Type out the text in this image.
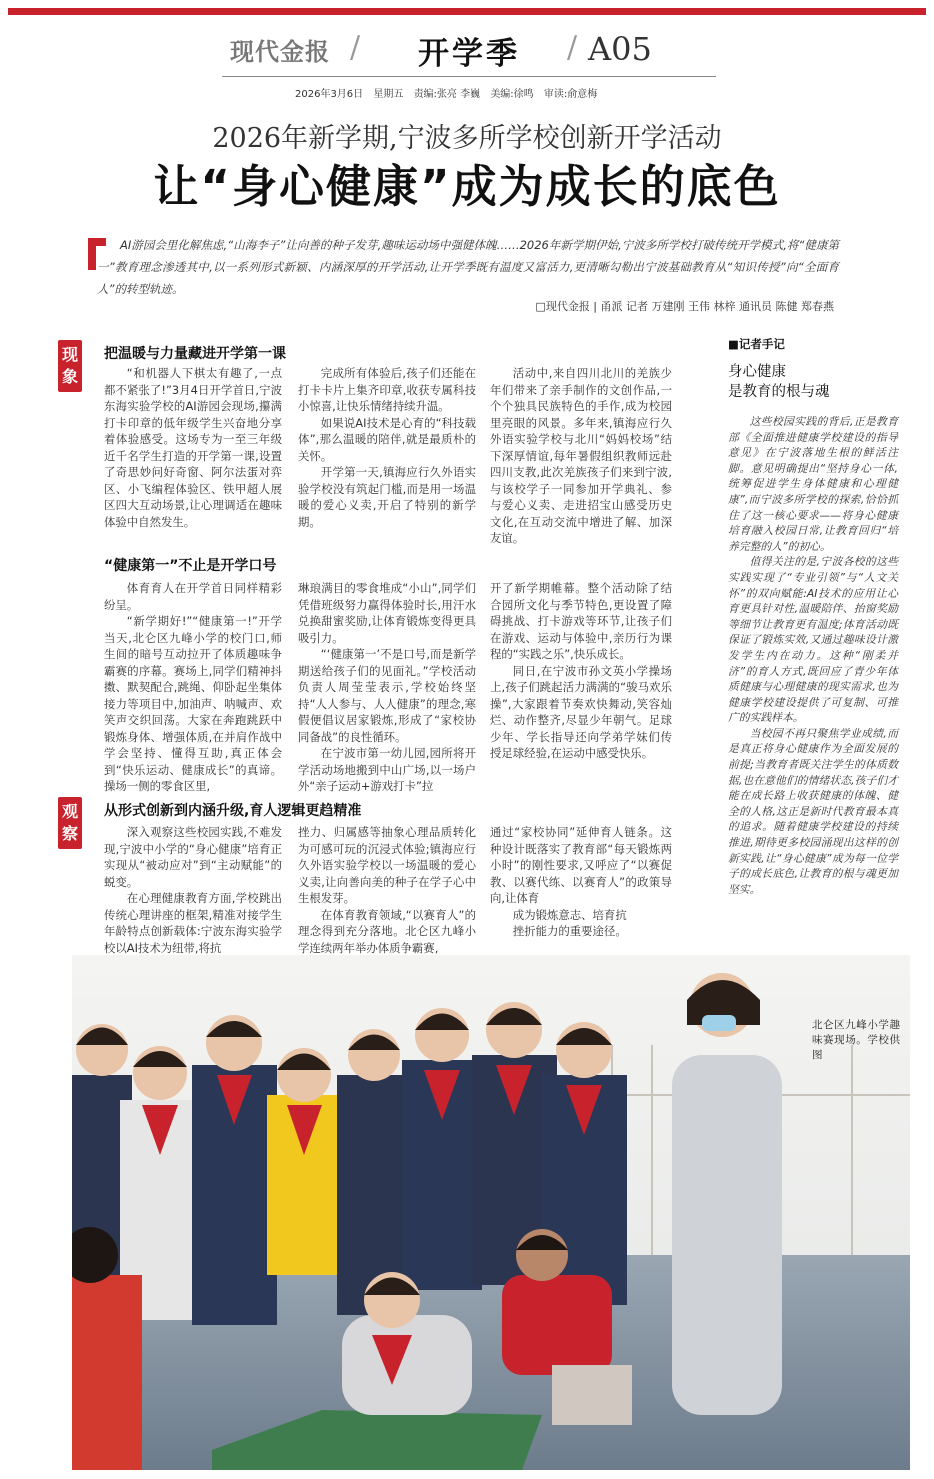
现代金报 / 开学季 / A05
2026年3月6日 星期五 责编:张亮 李巍 美编:徐鸣 审读:俞意梅
2026年新学期,宁波多所学校创新开学活动
让“身心健康”成为成长的底色
AI游园会里化解焦虑,“山海李子”让向善的种子发芽,趣味运动场中强健体魄……2026年新学期伊始,宁波多所学校打破传统开学模式,将“健康第一”教育理念渗透其中,以一系列形式新颖、内涵深厚的开学活动,让开学季既有温度又富活力,更清晰勾勒出宁波基础教育从“知识传授”向“全面育人”的转型轨迹。
□现代金报 | 甬派 记者 万建刚 王伟 林梓 通讯员 陈健 郑春燕
现象
观察
把温暖与力量藏进开学第一课

“和机器人下棋太有趣了,一点都不紧张了!”3月4日开学首日,宁波东海实验学校的AI游园会现场,攥满打卡印章的低年级学生兴奋地分享着体验感受。这场专为一至三年级近千名学生打造的开学第一课,设置了奇思妙问好奇窗、阿尔法蛋对弈区、小飞编程体验区、铁甲超人展区四大互动场景,让心理调适在趣味体验中自然发生。

完成所有体验后,孩子们还能在打卡卡片上集齐印章,收获专属科技小惊喜,让快乐情绪持续升温。

如果说AI技术是心育的“科技载体”,那么温暖的陪伴,就是最质朴的关怀。

开学第一天,镇海应行久外语实验学校没有筑起门槛,而是用一场温暖的爱心义卖,开启了特别的新学期。

活动中,来自四川北川的羌族少年们带来了亲手制作的文创作品,一个个独具民族特色的手作,成为校园里亮眼的风景。多年来,镇海应行久外语实验学校与北川“妈妈校场”结下深厚情谊,每年暑假组织教师远赴四川支教,此次羌族孩子们来到宁波,与该校学子一同参加开学典礼、参与爱心义卖、走进招宝山感受历史文化,在互动交流中增进了解、加深友谊。

“健康第一”不止是开学口号

体育育人在开学首日同样精彩纷呈。

“新学期好!”“健康第一!”开学当天,北仑区九峰小学的校门口,师生间的暗号互动拉开了体质趣味争霸赛的序幕。赛场上,同学们精神抖擞、默契配合,跳绳、仰卧起坐集体接力等项目中,加油声、呐喊声、欢笑声交织回荡。大家在奔跑跳跃中锻炼身体、增强体质,在并肩作战中学会坚持、懂得互助,真正体会到“快乐运动、健康成长”的真谛。操场一侧的零食区里,

琳琅满目的零食堆成“小山”,同学们凭借班级努力赢得体验时长,用汗水兑换甜蜜奖励,让体育锻炼变得更具吸引力。

“‘健康第一’不是口号,而是新学期送给孩子们的见面礼。”学校活动负责人周莹莹表示,学校始终坚持“人人参与、人人健康”的理念,寒假便倡议居家锻炼,形成了“家校协同备战”的良性循环。

在宁波市第一幼儿园,园所将开学活动场地搬到中山广场,以一场户外“亲子运动+游戏打卡”拉

开了新学期帷幕。整个活动除了结合园所文化与季节特色,更设置了障碍挑战、打卡游戏等环节,让孩子们在游戏、运动与体验中,亲历行为课程的“实践之乐”,快乐成长。

同日,在宁波市孙文英小学操场上,孩子们跳起活力满满的“骏马欢乐操”,大家跟着节奏欢快舞动,笑容灿烂、动作整齐,尽显少年朝气。足球少年、学长指导还向学弟学妹们传授足球经验,在运动中感受快乐。

从形式创新到内涵升级,育人逻辑更趋精准

深入观察这些校园实践,不难发现,宁波中小学的“身心健康”培育正实现从“被动应对”到“主动赋能”的蜕变。

在心理健康教育方面,学校跳出传统心理讲座的框架,精准对接学生年龄特点创新载体:宁波东海实验学校以AI技术为纽带,将抗

挫力、归属感等抽象心理品质转化为可感可玩的沉浸式体验;镇海应行久外语实验学校以一场温暖的爱心义卖,让向善向美的种子在学子心中生根发芽。

在体育教育领域,“以赛育人”的理念得到充分落地。北仑区九峰小学连续两年举办体质争霸赛,

通过“家校协同”延伸育人链条。这种设计既落实了教育部“每天锻炼两小时”的刚性要求,又呼应了“以赛促教、以赛代练、以赛育人”的政策导向,让体育

成为锻炼意志、培育抗

挫折能力的重要途径。

■记者手记
身心健康
是教育的根与魂

这些校园实践的背后,正是教育部《全面推进健康学校建设的指导意见》在宁波落地生根的鲜活注脚。意见明确提出“坚持身心一体,统筹促进学生身体健康和心理健康”,而宁波多所学校的探索,恰恰抓住了这一核心要求——将身心健康培育融入校园日常,让教育回归“培养完整的人”的初心。

值得关注的是,宁波各校的这些实践实现了“专业引领”与“人文关怀”的双向赋能:AI技术的应用让心育更具针对性,温暖陪伴、抬窗奖励等细节让教育更有温度;体育活动既保证了锻炼实效,又通过趣味设计激发学生内在动力。这种“刚柔并济”的育人方式,既回应了青少年体质健康与心理健康的现实需求,也为健康学校建设提供了可复制、可推广的实践样本。

当校园不再只聚焦学业成绩,而是真正将身心健康作为全面发展的前提;当教育者既关注学生的体质数据,也在意他们的情绪状态,孩子们才能在成长路上收获健康的体魄、健全的人格,这正是新时代教育最本真的追求。随着健康学校建设的持续推进,期待更多校园涌现出这样的创新实践,让“身心健康”成为每一位学子的成长底色,让教育的根与魂更加坚实。

北仑区九峰小学趣味赛现场。学校供图
